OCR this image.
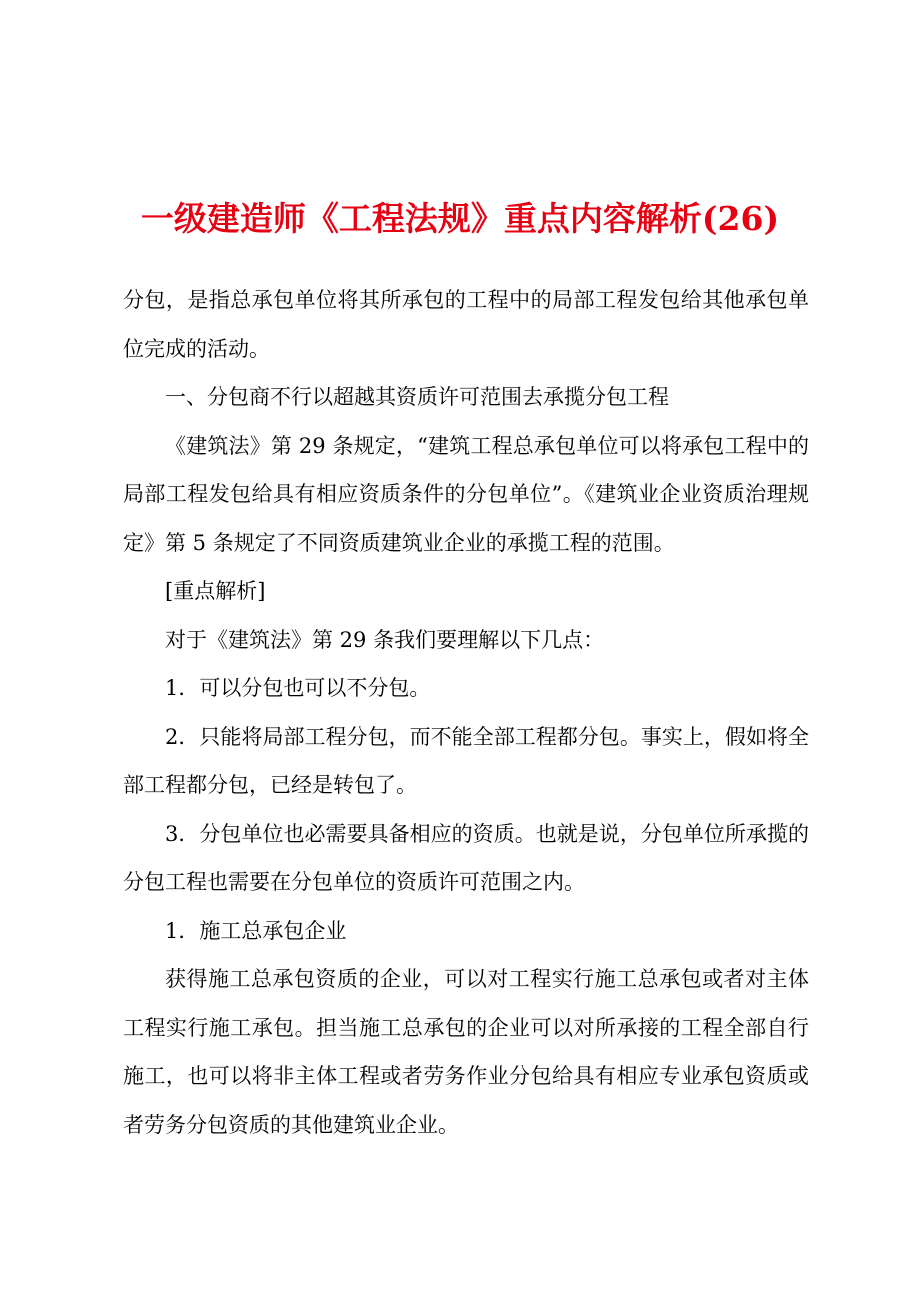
一级建造师《工程法规》重点内容解析(26)

分包，是指总承包单位将其所承包的工程中的局部工程发包给其他承包单位完成的活动。

一、分包商不行以超越其资质许可范围去承揽分包工程

《建筑法》第 29 条规定，“建筑工程总承包单位可以将承包工程中的局部工程发包给具有相应资质条件的分包单位”。《建筑业企业资质治理规定》第 5 条规定了不同资质建筑业企业的承揽工程的范围。

[重点解析]

对于《建筑法》第 29 条我们要理解以下几点：

1．可以分包也可以不分包。

2．只能将局部工程分包，而不能全部工程都分包。事实上，假如将全部工程都分包，已经是转包了。

3．分包单位也必需要具备相应的资质。也就是说，分包单位所承揽的分包工程也需要在分包单位的资质许可范围之内。

1．施工总承包企业

获得施工总承包资质的企业，可以对工程实行施工总承包或者对主体工程实行施工承包。担当施工总承包的企业可以对所承接的工程全部自行施工，也可以将非主体工程或者劳务作业分包给具有相应专业承包资质或者劳务分包资质的其他建筑业企业。
